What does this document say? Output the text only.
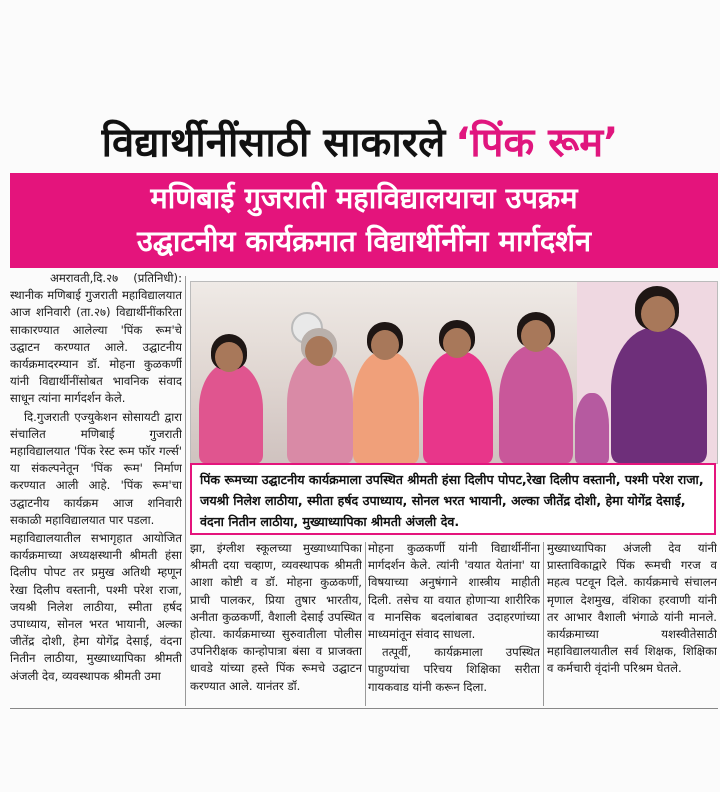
विद्यार्थीनींसाठी साकारले ‘पिंक रूम’
मणिबाई गुजराती महाविद्यालयाचा उपक्रम
उद्घाटनीय कार्यक्रमात विद्यार्थीनींना मार्गदर्शन

अमरावती,दि.२७ (प्रतिनिधी): स्थानीक मणिबाई गुजराती महाविद्यालयात आज शनिवारी (ता.२७) विद्यार्थीनींकरिता साकारण्यात आलेल्या 'पिंक रूम'चे उद्घाटन करण्यात आले. उद्घाटनीय कार्यक्रमादरम्यान डॉ. मोहना कुळकर्णी यांनी विद्यार्थीनींसोबत भावनिक संवाद साधून त्यांना मार्गदर्शन केले.

दि.गुजराती एज्युकेशन सोसायटी द्वारा संचालित मणिबाई गुजराती महाविद्यालयात 'पिंक रेस्ट रूम फॉर गर्ल्स' या संकल्पनेतून 'पिंक रूम' निर्माण करण्यात आली आहे. 'पिंक रूम'चा उद्घाटनीय कार्यक्रम आज शनिवारी सकाळी महाविद्यालयात पार पडला.

महाविद्यालयातील सभागृहात आयोजित कार्यक्रमाच्या अध्यक्षस्थानी श्रीमती हंसा दिलीप पोपट तर प्रमुख अतिथी म्हणून रेखा दिलीप वस्तानी, पश्मी परेश राजा, जयश्री निलेश लाठीया, स्मीता हर्षद उपाध्याय, सोनल भरत भायानी, अल्का जीतेंद्र दोशी, हेमा योगेंद्र देसाई, वंदना नितीन लाठीया, मुख्याध्यापिका श्रीमती अंजली देव, व्यवस्थापक श्रीमती उमा

पिंक रूमच्या उद्घाटनीय कार्यक्रमाला उपस्थित श्रीमती हंसा दिलीप पोपट,रेखा दिलीप वस्तानी, पश्मी परेश राजा, जयश्री निलेश लाठीया, स्मीता हर्षद उपाध्याय, सोनल भरत भायानी, अल्का जीतेंद्र दोशी, हेमा योगेंद्र देसाई, वंदना नितीन लाठीया, मुख्याध्यापिका श्रीमती अंजली देव.

झा, इंग्लीश स्कूलच्या मुख्याध्यापिका श्रीमती दया चव्हाण, व्यवस्थापक श्रीमती आशा कोष्टी व डॉ. मोहना कुळकर्णी, प्राची पालकर, प्रिया तुषार भारतीय, अनीता कुळकर्णी, वैशाली देसाई उपस्थित होत्या. कार्यक्रमाच्या सुरुवातीला पोलीस उपनिरीक्षक कान्होपात्रा बंसा व प्राजक्ता धावडे यांच्या हस्ते पिंक रूमचे उद्घाटन करण्यात आले. यानंतर डॉ.

मोहना कुळकर्णी यांनी विद्यार्थीनींना मार्गदर्शन केले. त्यांनी 'वयात येतांना' या विषयाच्या अनुषंगाने शास्त्रीय माहीती दिली. तसेच या वयात होणाऱ्या शारीरिक व मानसिक बदलांबाबत उदाहरणांच्या माध्यमांतून संवाद साधला.

तत्पूर्वी, कार्यक्रमाला उपस्थित पाहुण्यांचा परिचय शिक्षिका सरीता गायकवाड यांनी करून दिला.

मुख्याध्यापिका अंजली देव यांनी प्रास्ताविकाद्वारे पिंक रूमची गरज व महत्व पटवून दिले. कार्यक्रमाचे संचालन मृणाल देशमुख, वंशिका हरवाणी यांनी तर आभार वैशाली भंगाळे यांनी मानले. कार्यक्रमाच्या यशस्वीतेसाठी महाविद्यालयातील सर्व शिक्षक, शिक्षिका व कर्मचारी वृंदांनी परिश्रम घेतले.
